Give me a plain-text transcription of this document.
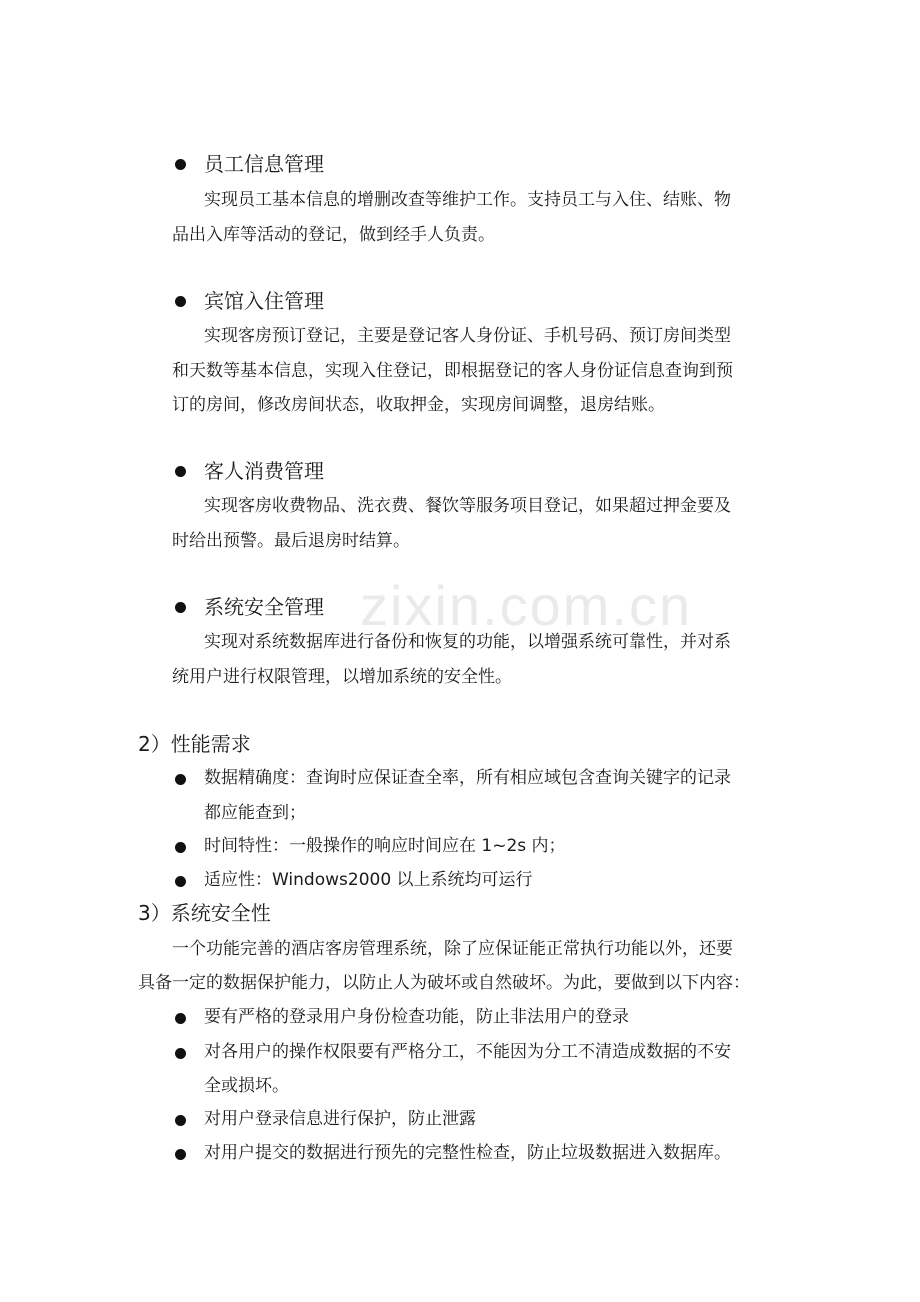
zixin.com.cn

员工信息管理

实现员工基本信息的增删改查等维护工作。支持员工与入住、结账、物

品出入库等活动的登记，做到经手人负责。

宾馆入住管理

实现客房预订登记，主要是登记客人身份证、手机号码、预订房间类型

和天数等基本信息，实现入住登记，即根据登记的客人身份证信息查询到预

订的房间，修改房间状态，收取押金，实现房间调整，退房结账。

客人消费管理

实现客房收费物品、洗衣费、餐饮等服务项目登记，如果超过押金要及

时给出预警。最后退房时结算。

系统安全管理

实现对系统数据库进行备份和恢复的功能，以增强系统可靠性，并对系

统用户进行权限管理，以增加系统的安全性。

2）性能需求

数据精确度：查询时应保证查全率，所有相应域包含查询关键字的记录

都应能查到；

时间特性：一般操作的响应时间应在 1~2s 内；

适应性：Windows2000 以上系统均可运行

3）系统安全性

一个功能完善的酒店客房管理系统，除了应保证能正常执行功能以外，还要

具备一定的数据保护能力，以防止人为破坏或自然破坏。为此，要做到以下内容：

要有严格的登录用户身份检查功能，防止非法用户的登录

对各用户的操作权限要有严格分工，不能因为分工不清造成数据的不安

全或损坏。

对用户登录信息进行保护，防止泄露

对用户提交的数据进行预先的完整性检查，防止垃圾数据进入数据库。
